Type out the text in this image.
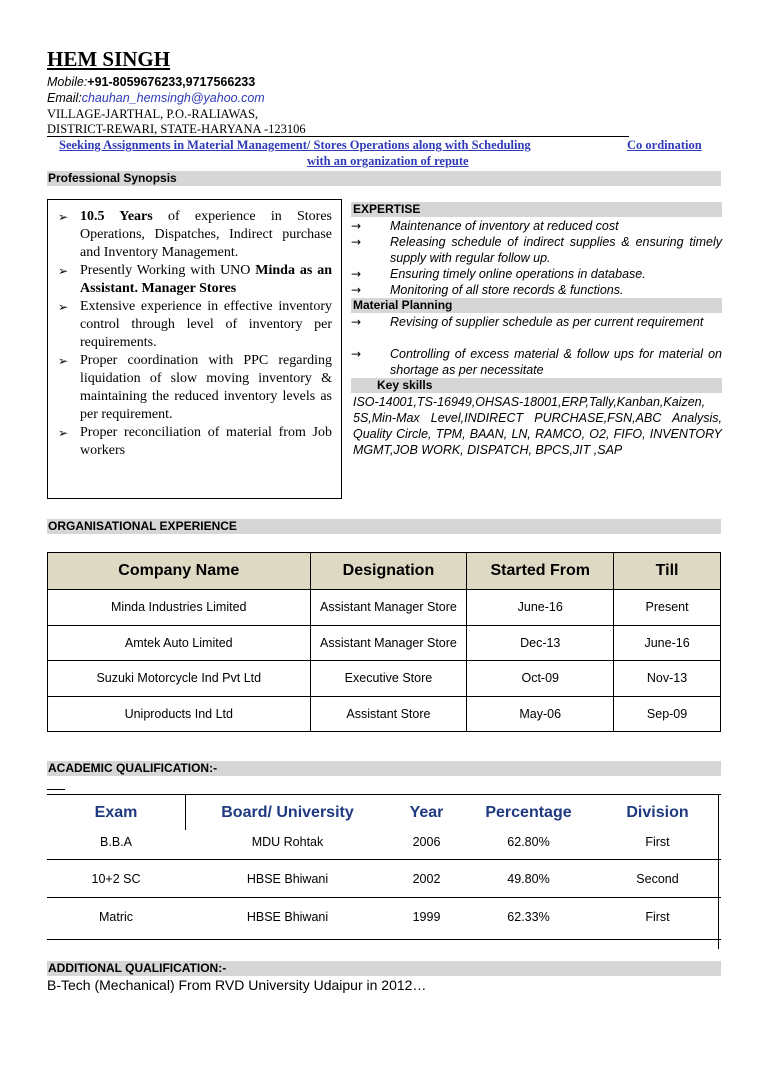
HEM SINGH
Mobile:+91-8059676233,9717566233
Email:chauhan_hemsingh@yahoo.com
VILLAGE-JARTHAL, P.O.-RALIAWAS,
DISTRICT-REWARI, STATE-HARYANA -123106
Seeking Assignments in Material Management/ Stores Operations along with Scheduling	Co ordination
with an organization of repute
Professional Synopsis
➢ 10.5 Years of experience in Stores Operations, Dispatches, Indirect purchase and Inventory Management.
➢ Presently Working with UNO Minda as an Assistant. Manager Stores
➢ Extensive experience in effective inventory control through level of inventory per requirements.
➢ Proper coordination with PPC regarding liquidation of slow moving inventory & maintaining the reduced inventory levels as per requirement.
➢ Proper reconciliation of material from Job workers
EXPERTISE
→ Maintenance of inventory at reduced cost
→ Releasing schedule of indirect supplies & ensuring timely supply with regular follow up.
→ Ensuring timely online operations in database.
→ Monitoring of all store records & functions.
Material Planning
→ Revising of supplier schedule as per current requirement
→ Controlling of excess material & follow ups for material on shortage as per necessitate
Key skills
ISO-14001,TS-16949,OHSAS-18001,ERP,Tally,Kanban,Kaizen, 5S,Min-Max Level,INDIRECT PURCHASE,FSN,ABC Analysis, Quality Circle, TPM, BAAN, LN, RAMCO, O2, FIFO, INVENTORY MGMT,JOB WORK, DISPATCH, BPCS,JIT ,SAP
ORGANISATIONAL EXPERIENCE
Company Name	Designation	Started From	Till
Minda Industries Limited	Assistant Manager Store	June-16	Present
Amtek Auto Limited	Assistant Manager Store	Dec-13	June-16
Suzuki Motorcycle Ind Pvt Ltd	Executive Store	Oct-09	Nov-13
Uniproducts Ind Ltd	Assistant Store	May-06	Sep-09
ACADEMIC QUALIFICATION:-
Exam	Board/ University	Year	Percentage	Division
B.B.A	MDU Rohtak	2006	62.80%	First
10+2 SC	HBSE Bhiwani	2002	49.80%	Second
Matric	HBSE Bhiwani	1999	62.33%	First
ADDITIONAL QUALIFICATION:-
B-Tech (Mechanical) From RVD University Udaipur in 2012…
